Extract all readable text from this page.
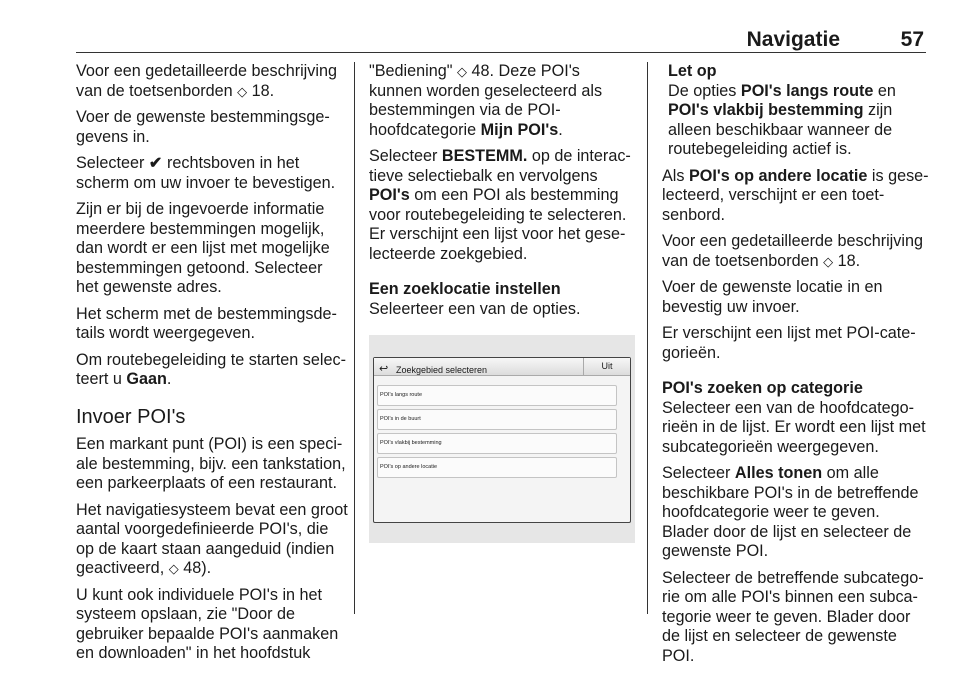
Navigatie	57

Voor een gedetailleerde beschrijving van de toetsenborden ◇ 18.

Voer de gewenste bestemmingsgegevens in.

Selecteer ✔ rechtsboven in het scherm om uw invoer te bevestigen.

Zijn er bij de ingevoerde informatie meerdere bestemmingen mogelijk, dan wordt er een lijst met mogelijke bestemmingen getoond. Selecteer het gewenste adres.

Het scherm met de bestemmingsdetails wordt weergegeven.

Om routebegeleiding te starten selecteert u Gaan.

Invoer POI's

Een markant punt (POI) is een speciale bestemming, bijv. een tankstation, een parkeerplaats of een restaurant.

Het navigatiesysteem bevat een groot aantal voorgedefinieerde POI's, die op de kaart staan aangeduid (indien geactiveerd, ◇ 48).

U kunt ook individuele POI's in het systeem opslaan, zie "Door de gebruiker bepaalde POI's aanmaken en downloaden" in het hoofdstuk

"Bediening" ◇ 48. Deze POI's kunnen worden geselecteerd als bestemmingen via de POI-hoofdcategorie Mijn POI's.

Selecteer BESTEMM. op de interactieve selectiebalk en vervolgens POI's om een POI als bestemming voor routebegeleiding te selecteren. Er verschijnt een lijst voor het geselecteerde zoekgebied.

Een zoeklocatie instellen

Seleerteer een van de opties.

↩ Zoekgebied selecteren	Uit
POI's langs route
POI's in de buurt
POI's vlakbij bestemming
POI's op andere locatie
Let op

De opties POI's langs route en POI's vlakbij bestemming zijn alleen beschikbaar wanneer de routebegeleiding actief is.

Als POI's op andere locatie is geselecteerd, verschijnt er een toetsenbord.

Voor een gedetailleerde beschrijving van de toetsenborden ◇ 18.

Voer de gewenste locatie in en bevestig uw invoer.

Er verschijnt een lijst met POI-categorieën.

POI's zoeken op categorie

Selecteer een van de hoofdcategorieën in de lijst. Er wordt een lijst met subcategorieën weergegeven.

Selecteer Alles tonen om alle beschikbare POI's in de betreffende hoofdcategorie weer te geven. Blader door de lijst en selecteer de gewenste POI.

Selecteer de betreffende subcategorie om alle POI's binnen een subcategorie weer te geven. Blader door de lijst en selecteer de gewenste POI.
